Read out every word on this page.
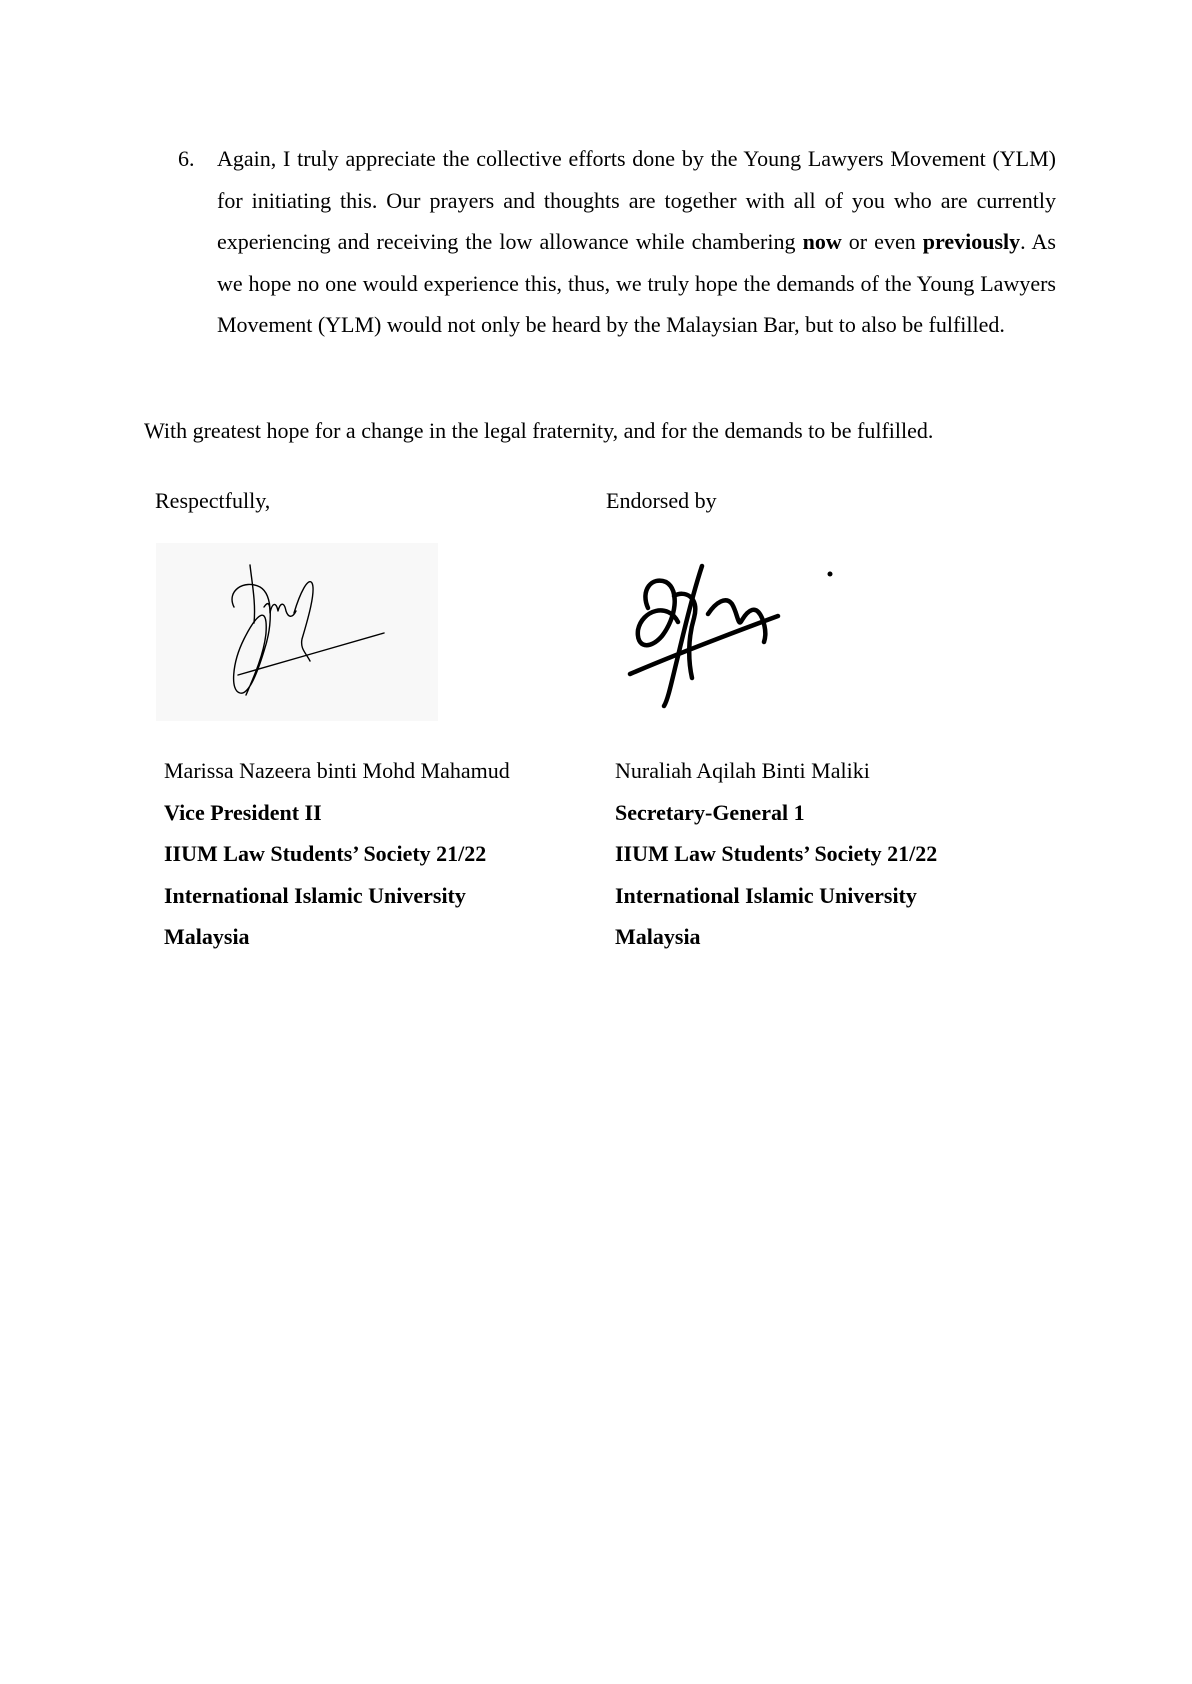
6. Again, I truly appreciate the collective efforts done by the Young Lawyers Movement (YLM) for initiating this. Our prayers and thoughts are together with all of you who are currently experiencing and receiving the low allowance while chambering now or even previously. As we hope no one would experience this, thus, we truly hope the demands of the Young Lawyers Movement (YLM) would not only be heard by the Malaysian Bar, but to also be fulfilled.
With greatest hope for a change in the legal fraternity, and for the demands to be fulfilled.
Respectfully,	Endorsed by
Marissa Nazeera binti Mohd Mahamud
Vice President II
IIUM Law Students’ Society 21/22
International Islamic University
Malaysia
Nuraliah Aqilah Binti Maliki
Secretary-General 1
IIUM Law Students’ Society 21/22
International Islamic University
Malaysia
